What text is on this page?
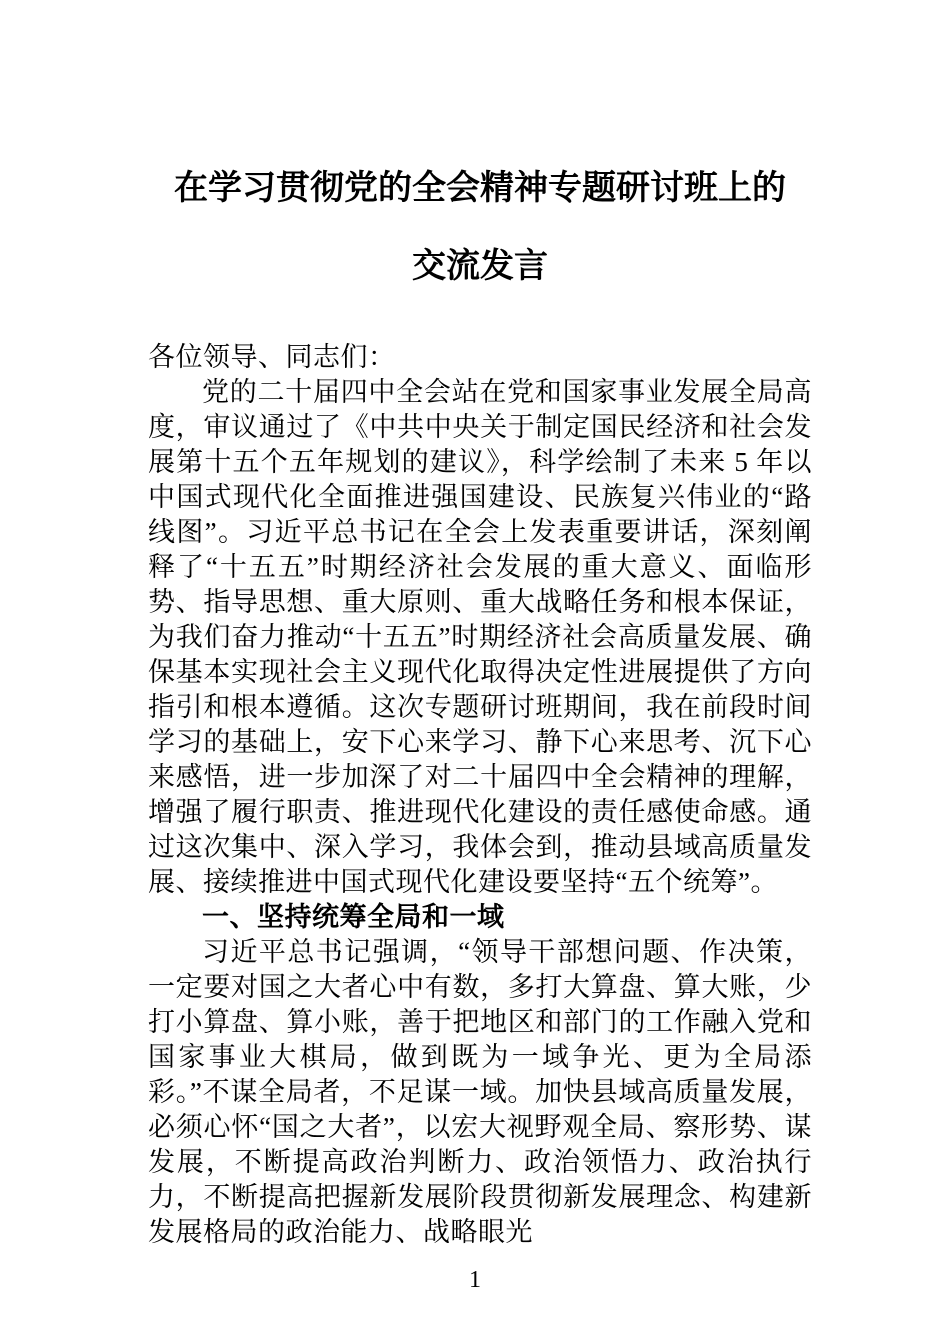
在学习贯彻党的全会精神专题研讨班上的
交流发言

各位领导、同志们：

党的二十届四中全会站在党和国家事业发展全局高度，审议通过了《中共中央关于制定国民经济和社会发展第十五个五年规划的建议》，科学绘制了未来 5 年以中国式现代化全面推进强国建设、民族复兴伟业的“路线图”。习近平总书记在全会上发表重要讲话，深刻阐释了“十五五”时期经济社会发展的重大意义、面临形势、指导思想、重大原则、重大战略任务和根本保证，为我们奋力推动“十五五”时期经济社会高质量发展、确保基本实现社会主义现代化取得决定性进展提供了方向指引和根本遵循。这次专题研讨班期间，我在前段时间学习的基础上，安下心来学习、静下心来思考、沉下心来感悟，进一步加深了对二十届四中全会精神的理解，增强了履行职责、推进现代化建设的责任感使命感。通过这次集中、深入学习，我体会到，推动县域高质量发展、接续推进中国式现代化建设要坚持“五个统筹”。

一、坚持统筹全局和一域

习近平总书记强调，“领导干部想问题、作决策，一定要对国之大者心中有数，多打大算盘、算大账，少打小算盘、算小账，善于把地区和部门的工作融入党和国家事业大棋局，做到既为一域争光、更为全局添彩。”不谋全局者，不足谋一域。加快县域高质量发展，必须心怀“国之大者”，以宏大视野观全局、察形势、谋发展，不断提高政治判断力、政治领悟力、政治执行力，不断提高把握新发展阶段贯彻新发展理念、构建新发展格局的政治能力、战略眼光

1
